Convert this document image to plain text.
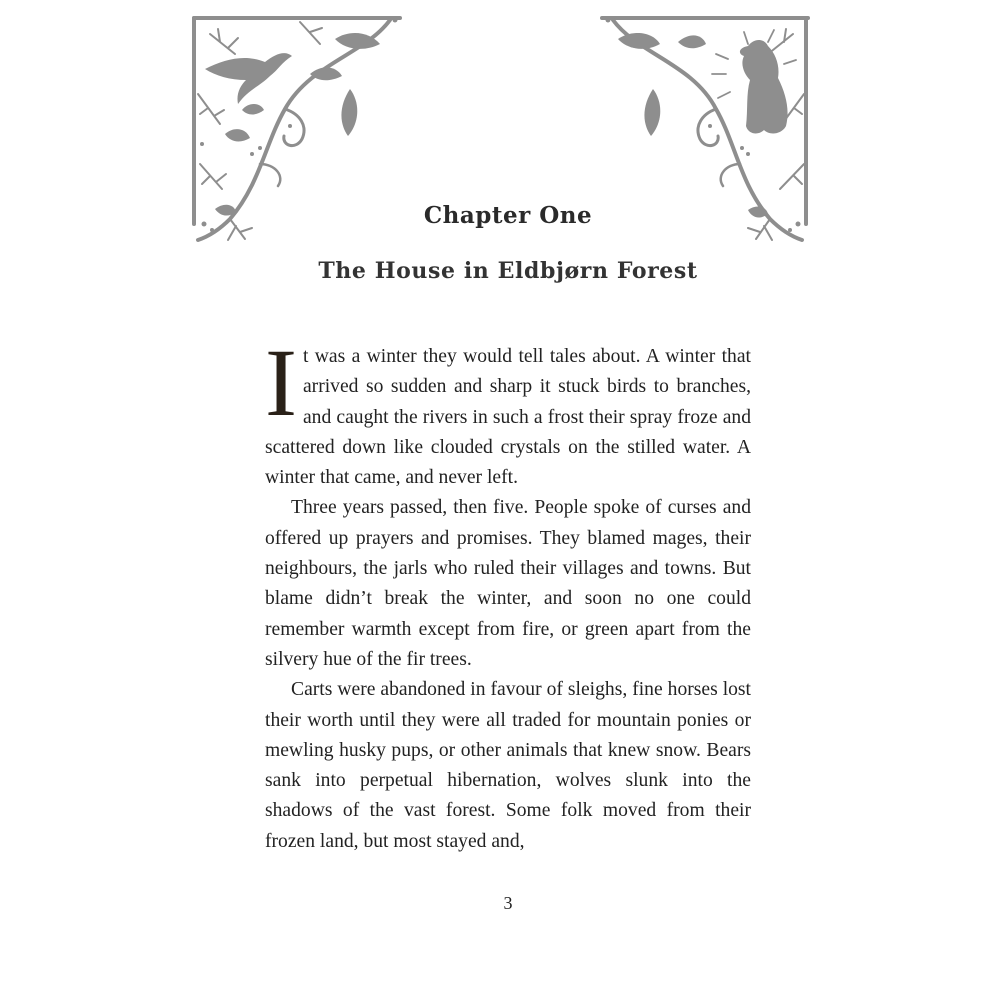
Chapter One
The House in Eldbjørn Forest

It was a winter they would tell tales about. A winter that arrived so sudden and sharp it stuck birds to branches, and caught the rivers in such a frost their spray froze and scattered down like clouded crystals on the stilled water. A winter that came, and never left.

Three years passed, then five. People spoke of curses and offered up prayers and promises. They blamed mages, their neighbours, the jarls who ruled their villages and towns. But blame didn’t break the winter, and soon no one could remember warmth except from fire, or green apart from the silvery hue of the fir trees.

Carts were abandoned in favour of sleighs, fine horses lost their worth until they were all traded for mountain ponies or mewling husky pups, or other animals that knew snow. Bears sank into perpetual hibernation, wolves slunk into the shadows of the vast forest. Some folk moved from their frozen land, but most stayed and,

3
